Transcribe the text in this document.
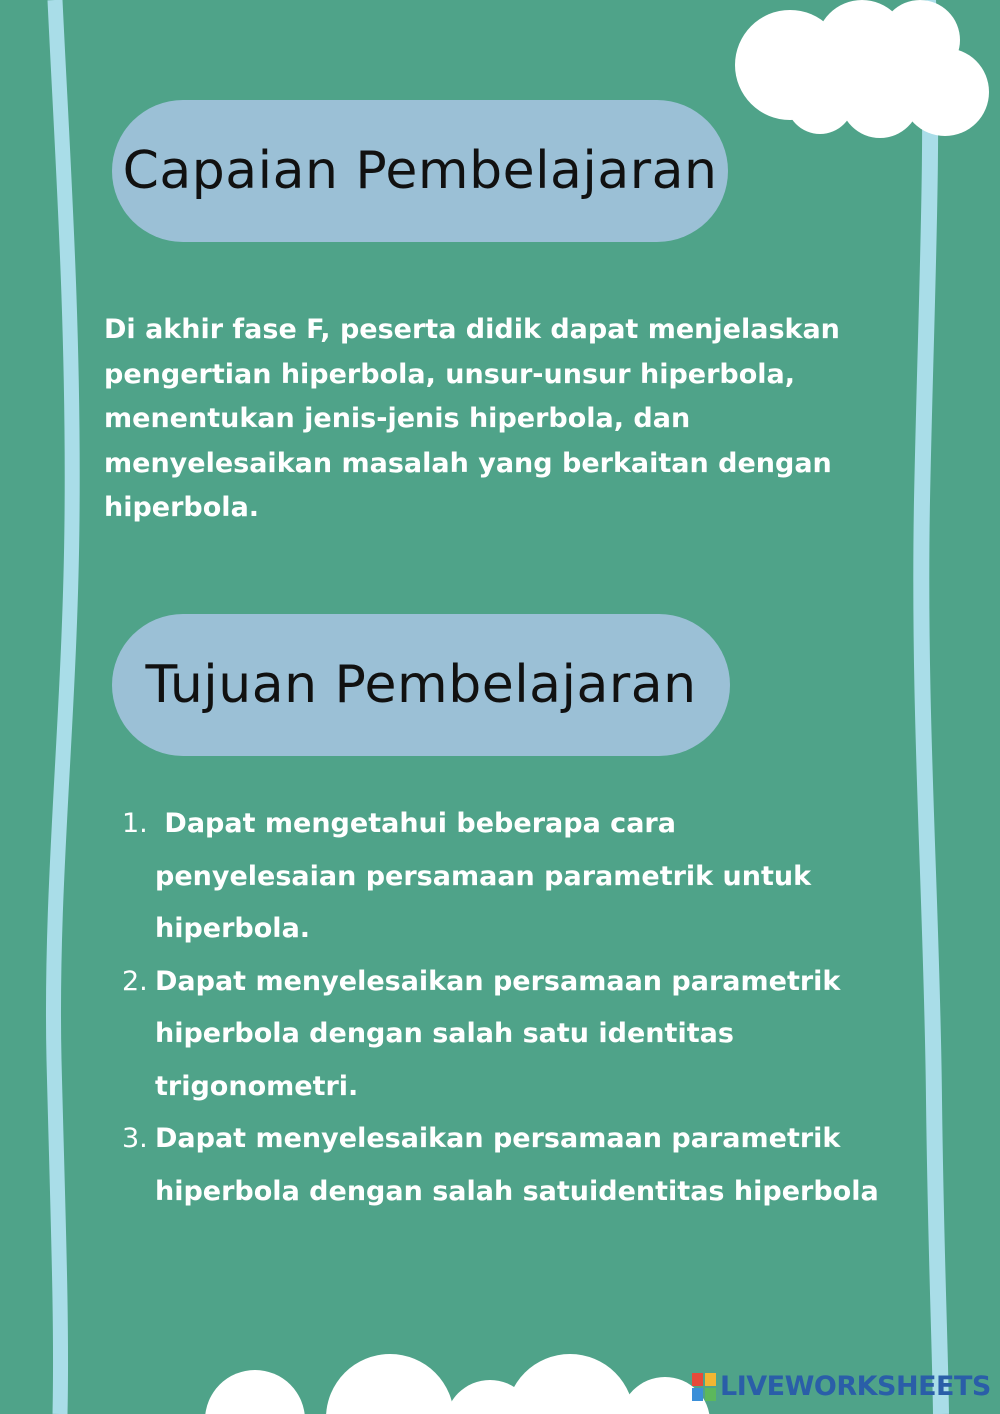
Capaian Pembelajaran
Di akhir fase F, peserta didik dapat menjelaskan pengertian hiperbola, unsur-unsur hiperbola, menentukan jenis-jenis hiperbola, dan menyelesaikan masalah yang berkaitan dengan hiperbola.
Tujuan Pembelajaran
1. Dapat mengetahui beberapa cara penyelesaian persamaan parametrik untuk hiperbola.
2. Dapat menyelesaikan persamaan parametrik hiperbola dengan salah satu identitas trigonometri.
3. Dapat menyelesaikan persamaan parametrik hiperbola dengan salah satuidentitas hiperbola
LIVEWORKSHEETS
